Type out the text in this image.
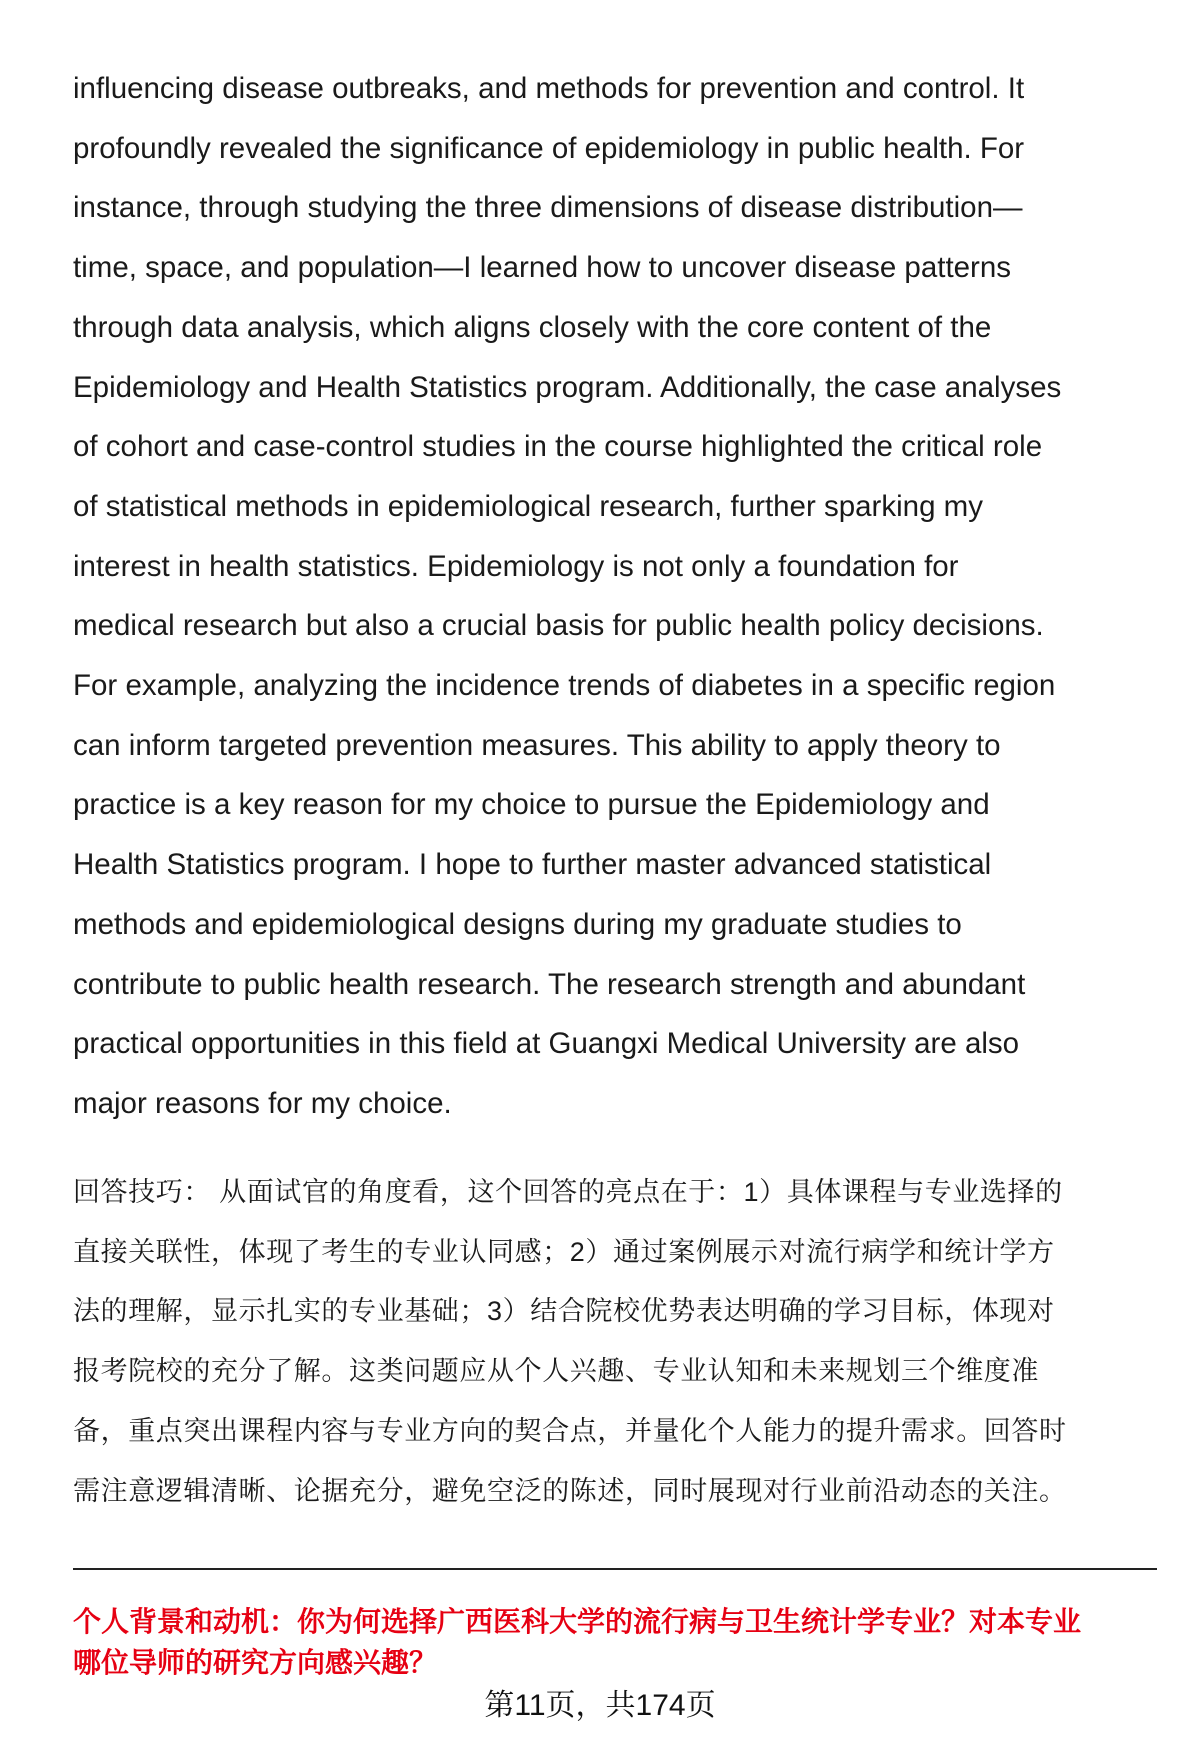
influencing disease outbreaks, and methods for prevention and control. It
profoundly revealed the significance of epidemiology in public health. For
instance, through studying the three dimensions of disease distribution—
time, space, and population—I learned how to uncover disease patterns
through data analysis, which aligns closely with the core content of the
Epidemiology and Health Statistics program. Additionally, the case analyses
of cohort and case-control studies in the course highlighted the critical role
of statistical methods in epidemiological research, further sparking my
interest in health statistics. Epidemiology is not only a foundation for
medical research but also a crucial basis for public health policy decisions.
For example, analyzing the incidence trends of diabetes in a specific region
can inform targeted prevention measures. This ability to apply theory to
practice is a key reason for my choice to pursue the Epidemiology and
Health Statistics program. I hope to further master advanced statistical
methods and epidemiological designs during my graduate studies to
contribute to public health research. The research strength and abundant
practical opportunities in this field at Guangxi Medical University are also
major reasons for my choice.
回答技巧： 从面试官的角度看，这个回答的亮点在于：1）具体课程与专业选择的
直接关联性，体现了考生的专业认同感；2）通过案例展示对流行病学和统计学方
法的理解，显示扎实的专业基础；3）结合院校优势表达明确的学习目标，体现对
报考院校的充分了解。这类问题应从个人兴趣、专业认知和未来规划三个维度准
备，重点突出课程内容与专业方向的契合点，并量化个人能力的提升需求。回答时
需注意逻辑清晰、论据充分，避免空泛的陈述，同时展现对行业前沿动态的关注。
个人背景和动机：你为何选择广西医科大学的流行病与卫生统计学专业？对本专业
哪位导师的研究方向感兴趣？
第11页，共174页
